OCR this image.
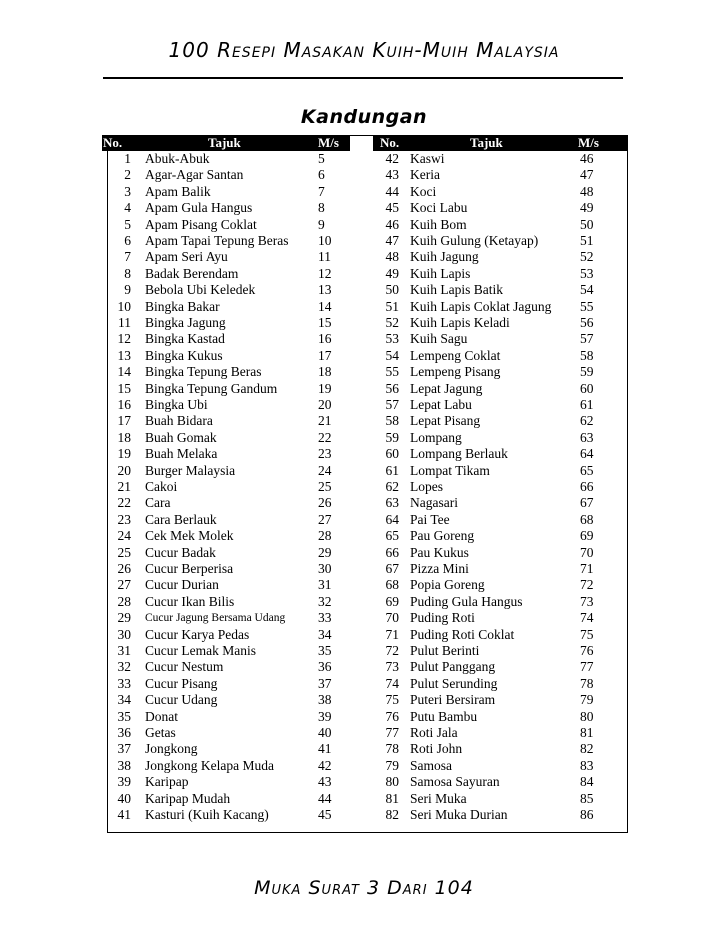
100 Resepi Masakan Kuih-Muih Malaysia
Kandungan
No.	Tajuk	M/s	No.	Tajuk	M/s
1 Abuk-Abuk	5
2 Agar-Agar Santan	6
3 Apam Balik	7
4 Apam Gula Hangus	8
5 Apam Pisang Coklat	9
6 Apam Tapai Tepung Beras 10
7 Apam Seri Ayu	11
8 Badak Berendam	12
9 Bebola Ubi Keledek	13
10 Bingka Bakar	14
11 Bingka Jagung	15
12 Bingka Kastad	16
13 Bingka Kukus	17
14 Bingka Tepung Beras	18
15 Bingka Tepung Gandum	19
16 Bingka Ubi	20
17 Buah Bidara	21
18 Buah Gomak	22
19 Buah Melaka	23
20 Burger Malaysia	24
21 Cakoi	25
22 Cara	26
23 Cara Berlauk	27
24 Cek Mek Molek	28
25 Cucur Badak	29
26 Cucur Berperisa	30
27 Cucur Durian	31
28 Cucur Ikan Bilis	32
29 Cucur Jagung Bersama Udang 33
30 Cucur Karya Pedas	34
31 Cucur Lemak Manis	35
32 Cucur Nestum	36
33 Cucur Pisang	37
34 Cucur Udang	38
35 Donat	39
36 Getas	40
37 Jongkong	41
38 Jongkong Kelapa Muda	42
39 Karipap	43
40 Karipap Mudah	44
41 Kasturi (Kuih Kacang)	45
42 Kaswi	46
43 Keria	47
44 Koci	48
45 Koci Labu	49
46 Kuih Bom	50
47 Kuih Gulung (Ketayap)	51
48 Kuih Jagung	52
49 Kuih Lapis	53
50 Kuih Lapis Batik	54
51 Kuih Lapis Coklat Jagung 55
52 Kuih Lapis Keladi	56
53 Kuih Sagu	57
54 Lempeng Coklat	58
55 Lempeng Pisang	59
56 Lepat Jagung	60
57 Lepat Labu	61
58 Lepat Pisang	62
59 Lompang	63
60 Lompang Berlauk	64
61 Lompat Tikam	65
62 Lopes	66
63 Nagasari	67
64 Pai Tee	68
65 Pau Goreng	69
66 Pau Kukus	70
67 Pizza Mini	71
68 Popia Goreng	72
69 Puding Gula Hangus	73
70 Puding Roti	74
71 Puding Roti Coklat	75
72 Pulut Berinti	76
73 Pulut Panggang	77
74 Pulut Serunding	78
75 Puteri Bersiram	79
76 Putu Bambu	80
77 Roti Jala	81
78 Roti John	82
79 Samosa	83
80 Samosa Sayuran	84
81 Seri Muka	85
82 Seri Muka Durian	86
Muka Surat 3 Dari 104
